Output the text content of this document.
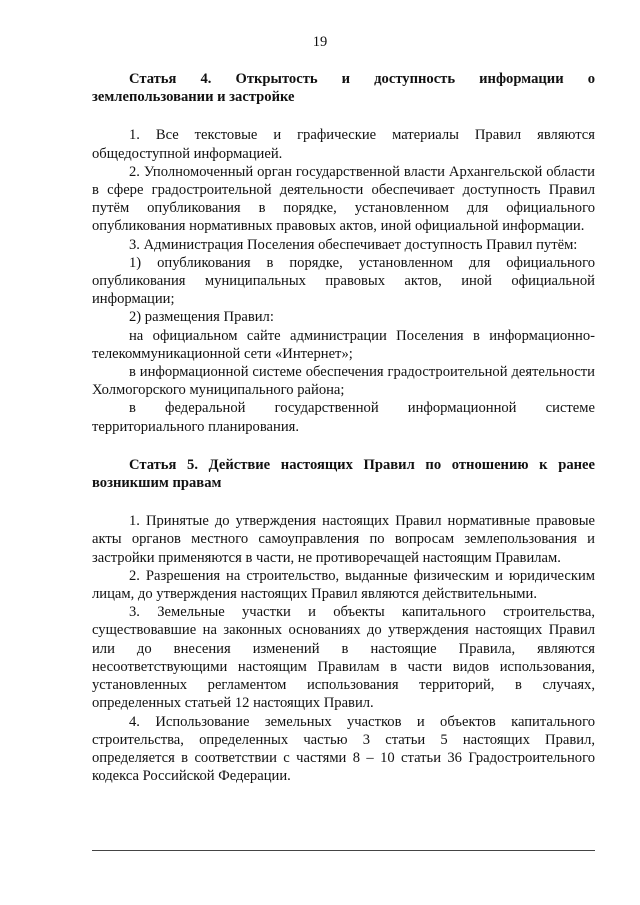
19

Статья 4. Открытость и доступность информации о землепользовании и застройке

1. Все текстовые и графические материалы Правил являются общедоступной информацией.

2. Уполномоченный орган государственной власти Архангельской области в сфере градостроительной деятельности обеспечивает доступность Правил путём опубликования в порядке, установленном для официального опубликования нормативных правовых актов, иной официальной информации.

3. Администрация Поселения обеспечивает доступность Правил путём:

1) опубликования в порядке, установленном для официального опубликования муниципальных правовых актов, иной официальной информации;

2) размещения Правил:

на официальном сайте администрации Поселения в информационно-телекоммуникационной сети «Интернет»;

в информационной системе обеспечения градостроительной деятельности Холмогорского муниципального района;

в федеральной государственной информационной системе территориального планирования.

Статья 5. Действие настоящих Правил по отношению к ранее возникшим правам

1. Принятые до утверждения настоящих Правил нормативные правовые акты органов местного самоуправления по вопросам землепользования и застройки применяются в части, не противоречащей настоящим Правилам.

2. Разрешения на строительство, выданные физическим и юридическим лицам, до утверждения настоящих Правил являются действительными.

3. Земельные участки и объекты капитального строительства, существовавшие на законных основаниях до утверждения настоящих Правил или до внесения изменений в настоящие Правила, являются несоответствующими настоящим Правилам в части видов использования, установленных регламентом использования территорий, в случаях, определенных статьей 12 настоящих Правил.

4. Использование земельных участков и объектов капитального строительства, определенных частью 3 статьи 5 настоящих Правил, определяется в соответствии с частями 8 – 10 статьи 36 Градостроительного кодекса Российской Федерации.
